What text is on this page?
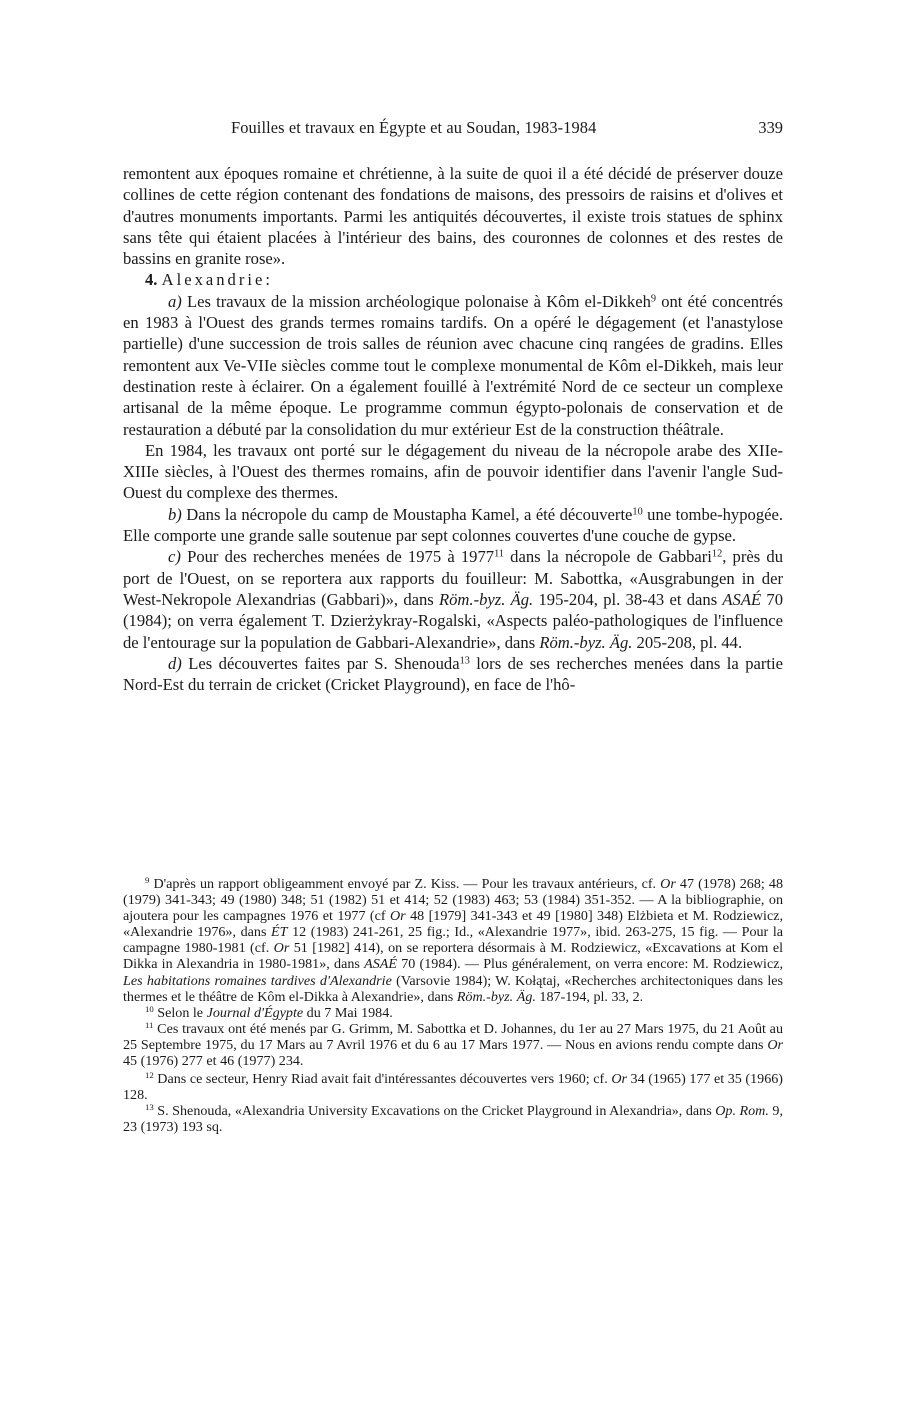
Fouilles et travaux en Égypte et au Soudan, 1983-1984	339

remontent aux époques romaine et chrétienne, à la suite de quoi il a été décidé de préserver douze collines de cette région contenant des fondations de maisons, des pressoirs de raisins et d'olives et d'autres monuments importants. Parmi les antiquités découvertes, il existe trois statues de sphinx sans tête qui étaient placées à l'intérieur des bains, des couronnes de colonnes et des restes de bassins en granite rose».

4. Alexandrie:

a) Les travaux de la mission archéologique polonaise à Kôm el-Dikkeh$^9$ ont été concentrés en 1983 à l'Ouest des grands termes romains tardifs. On a opéré le dégagement (et l'anastylose partielle) d'une succession de trois salles de réunion avec chacune cinq rangées de gradins. Elles remontent aux Ve-VIIe siècles comme tout le complexe monumental de Kôm el-Dikkeh, mais leur destination reste à éclairer. On a également fouillé à l'extrémité Nord de ce secteur un complexe artisanal de la même époque. Le programme commun égypto-polonais de conservation et de restauration a débuté par la consolidation du mur extérieur Est de la construction théâtrale.

En 1984, les travaux ont porté sur le dégagement du niveau de la nécropole arabe des XIIe-XIIIe siècles, à l'Ouest des thermes romains, afin de pouvoir identifier dans l'avenir l'angle Sud-Ouest du complexe des thermes.

b) Dans la nécropole du camp de Moustapha Kamel, a été découverte$^{10}$ une tombe-hypogée. Elle comporte une grande salle soutenue par sept colonnes couvertes d'une couche de gypse.

c) Pour des recherches menées de 1975 à 1977$^{11}$ dans la nécropole de Gabbari$^{12}$, près du port de l'Ouest, on se reportera aux rapports du fouilleur: M. Sabottka, «Ausgrabungen in der West-Nekropole Alexandrias (Gabbari)», dans Röm.-byz. Äg. 195-204, pl. 38-43 et dans ASAÉ 70 (1984); on verra également T. Dzierżykray-Rogalski, «Aspects paléo-pathologiques de l'influence de l'entourage sur la population de Gabbari-Alexandrie», dans Röm.-byz. Äg. 205-208, pl. 44.

d) Les découvertes faites par S. Shenouda$^{13}$ lors de ses recherches menées dans la partie Nord-Est du terrain de cricket (Cricket Playground), en face de l'hô-

$^9$ D'après un rapport obligeamment envoyé par Z. Kiss. — Pour les travaux antérieurs, cf. Or 47 (1978) 268; 48 (1979) 341-343; 49 (1980) 348; 51 (1982) 51 et 414; 52 (1983) 463; 53 (1984) 351-352. — A la bibliographie, on ajoutera pour les campagnes 1976 et 1977 (cf Or 48 [1979] 341-343 et 49 [1980] 348) Elżbieta et M. Rodziewicz, «Alexandrie 1976», dans ÉT 12 (1983) 241-261, 25 fig.; Id., «Alexandrie 1977», ibid. 263-275, 15 fig. — Pour la campagne 1980-1981 (cf. Or 51 [1982] 414), on se reportera désormais à M. Rodziewicz, «Excavations at Kom el Dikka in Alexandria in 1980-1981», dans ASAÉ 70 (1984). — Plus généralement, on verra encore: M. Rodziewicz, Les habitations romaines tardives d'Alexandrie (Varsovie 1984); W. Kołątaj, «Recherches architectoniques dans les thermes et le théâtre de Kôm el-Dikka à Alexandrie», dans Röm.-byz. Äg. 187-194, pl. 33, 2.

$^{10}$ Selon le Journal d'Égypte du 7 Mai 1984.

$^{11}$ Ces travaux ont été menés par G. Grimm, M. Sabottka et D. Johannes, du 1er au 27 Mars 1975, du 21 Août au 25 Septembre 1975, du 17 Mars au 7 Avril 1976 et du 6 au 17 Mars 1977. — Nous en avions rendu compte dans Or 45 (1976) 277 et 46 (1977) 234.

$^{12}$ Dans ce secteur, Henry Riad avait fait d'intéressantes découvertes vers 1960; cf. Or 34 (1965) 177 et 35 (1966) 128.

$^{13}$ S. Shenouda, «Alexandria University Excavations on the Cricket Playground in Alexandria», dans Op. Rom. 9, 23 (1973) 193 sq.
